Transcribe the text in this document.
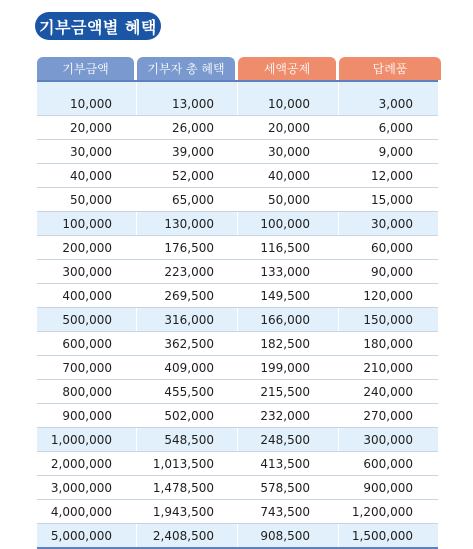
기부금액별 혜택
기부금액	기부자 총 혜택	세액공제	답례품
10,000	13,000	10,000	3,000
20,000	26,000	20,000	6,000
30,000	39,000	30,000	9,000
40,000	52,000	40,000	12,000
50,000	65,000	50,000	15,000
100,000	130,000	100,000	30,000
200,000	176,500	116,500	60,000
300,000	223,000	133,000	90,000
400,000	269,500	149,500	120,000
500,000	316,000	166,000	150,000
600,000	362,500	182,500	180,000
700,000	409,000	199,000	210,000
800,000	455,500	215,500	240,000
900,000	502,000	232,000	270,000
1,000,000	548,500	248,500	300,000
2,000,000	1,013,500	413,500	600,000
3,000,000	1,478,500	578,500	900,000
4,000,000	1,943,500	743,500	1,200,000
5,000,000	2,408,500	908,500	1,500,000
